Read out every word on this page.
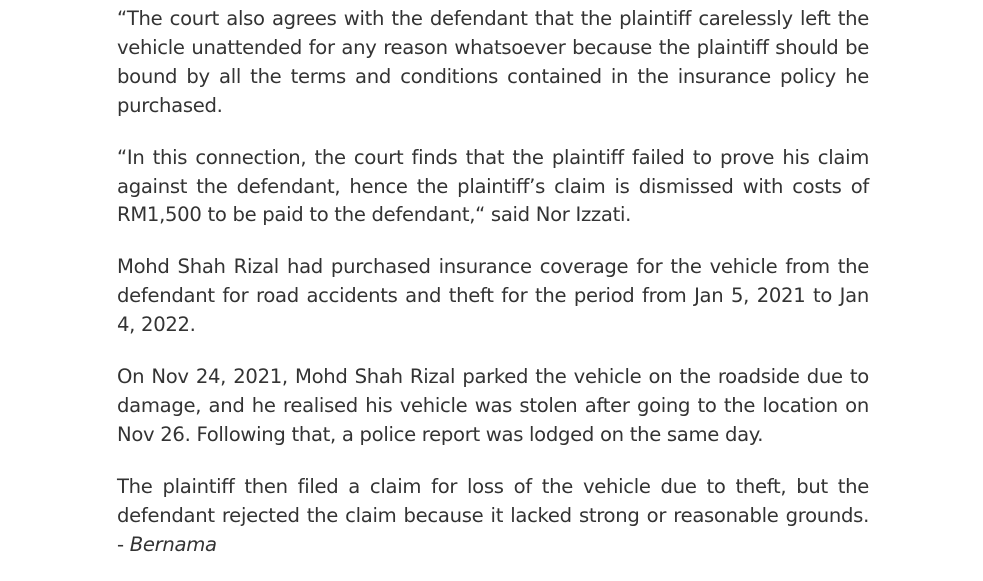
“The court also agrees with the defendant that the plaintiff carelessly left the vehicle unattended for any reason whatsoever because the plaintiff should be bound by all the terms and conditions contained in the insurance policy he purchased.

“In this connection, the court finds that the plaintiff failed to prove his claim against the defendant, hence the plaintiff’s claim is dismissed with costs of RM1,500 to be paid to the defendant,“ said Nor Izzati.

Mohd Shah Rizal had purchased insurance coverage for the vehicle from the defendant for road accidents and theft for the period from Jan 5, 2021 to Jan 4, 2022.

On Nov 24, 2021, Mohd Shah Rizal parked the vehicle on the roadside due to damage, and he realised his vehicle was stolen after going to the location on Nov 26. Following that, a police report was lodged on the same day.

The plaintiff then filed a claim for loss of the vehicle due to theft, but the defendant rejected the claim because it lacked strong or reasonable grounds. - Bernama
